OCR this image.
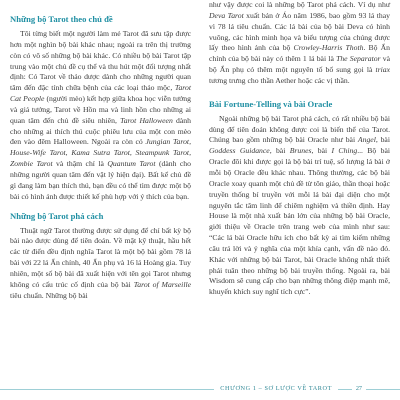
Những bộ Tarot theo chủ đề

Tôi từng biết một người làm mẻ Tarot đã sưu tập được hơn một nghìn bộ bài khác nhau; ngoài ra trên thị trường còn có vô số những bộ bài khác. Có nhiều bộ bài Tarot tập trung vào một chủ đề cụ thể và thu hút một đối tượng nhất định: Có Tarot về thảo dược dành cho những người quan tâm đến đặc tính chữa bệnh của các loại thảo mộc, Tarot Cat People (người mèo) kết hợp giữa khoa học viễn tưởng và giả tưởng, Tarot về Hồn ma và linh hồn cho những ai quan tâm đến chủ đề siêu nhiên, Tarot Halloween dành cho những ai thích thú cuộc phiêu lưu của một con mèo đen vào đêm Halloween. Ngoài ra còn có Jungian Tarot, House-Wife Tarot, Kama Sutra Tarot, Steampunk Tarot, Zombie Tarot và thậm chí là Quantum Tarot (dành cho những người quan tâm đến vật lý hiện đại). Bất kể chủ đề gì đang làm bạn thích thú, bạn đều có thể tìm được một bộ bài có hình ảnh được thiết kế phù hợp với ý thích của bạn.

Những bộ Tarot phá cách

Thuật ngữ Tarot thường được sử dụng để chỉ bất kỳ bộ bài nào được dùng để tiên đoán. Về mặt kỹ thuật, hầu hết các từ điển đều định nghĩa Tarot là một bộ bài gồm 78 lá bài với 22 lá Ẩn chính, 40 Ẩn phụ và 16 lá Hoàng gia. Tuy nhiên, một số bộ bài đã xuất hiện với tên gọi Tarot nhưng không có cấu trúc cố định của bộ bài Tarot of Marseille tiêu chuẩn. Những bộ bài

như vậy được coi là những bộ Tarot phá cách. Ví dụ như Deva Tarot xuất bản ở Áo năm 1986, bao gồm 93 lá thay vì 78 lá tiêu chuẩn. Các lá bài của bộ bài Deva có hình vuông, các hình minh họa và biểu tượng của chúng được lấy theo hình ảnh của bộ Crowley-Harris Thoth. Bộ Ẩn chính của bộ bài này có thêm 1 lá bài là The Separator và bộ Ẩn phụ có thêm một nguyên tố bổ sung gọi là triax tương trưng cho thần Aether hoặc các vị thần.

Bài Fortune-Telling và bài Oracle

Ngoài những bộ bài Tarot phá cách, có rất nhiều bộ bài dùng để tiên đoán không được coi là biến thể của Tarot. Chúng bao gồm những bộ bài Oracle như bài Angel, bài Goddess Guidance, bài Brunes, bài I Ching... Bộ bài Oracle đôi khi được gọi là bộ bài trí tuệ, số lượng lá bài ở mỗi bộ Oracle đều khác nhau. Thông thường, các bộ bài Oracle xoay quanh một chủ đề từ tôn giáo, thần thoại hoặc truyền thống bí truyền với mỗi lá bài đại diện cho một nguyên tắc tâm linh để chiêm nghiệm và thiền định. Hay House là một nhà xuất bản lớn của những bộ bài Oracle, giới thiệu về Oracle trên trang web của mình như sau: “Các lá bài Oracle hữu ích cho bất kỳ ai tìm kiếm những câu trả lời và ý nghĩa của một khía cạnh, vấn đề nào đó. Khác với những bộ bài Tarot, bài Oracle không nhất thiết phải tuân theo những bộ bài truyền thống. Ngoài ra, bài Wisdom sẽ cung cấp cho bạn những thông điệp mạnh mẽ, khuyến khích suy nghĩ tích cực”.

CHƯƠNG 1 – SƠ LƯỢC VỀ TAROT	27
